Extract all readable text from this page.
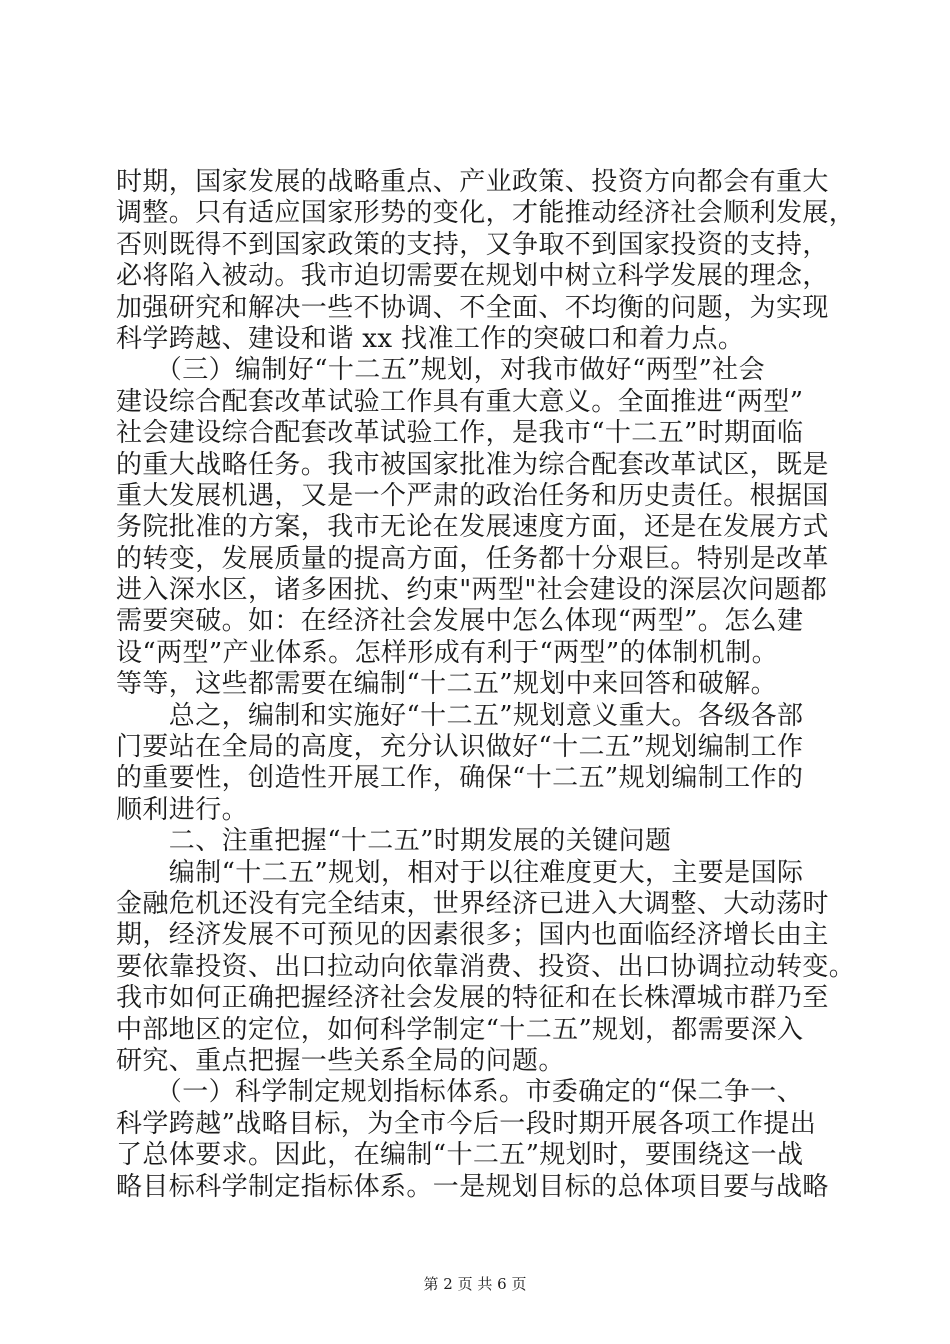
时期，国家发展的战略重点、产业政策、投资方向都会有重大
调整。只有适应国家形势的变化，才能推动经济社会顺利发展，
否则既得不到国家政策的支持，又争取不到国家投资的支持，
必将陷入被动。我市迫切需要在规划中树立科学发展的理念，
加强研究和解决一些不协调、不全面、不均衡的问题，为实现
科学跨越、建设和谐 xx 找准工作的突破口和着力点。
　　（三）编制好“十二五”规划，对我市做好“两型”社会
建设综合配套改革试验工作具有重大意义。全面推进“两型”
社会建设综合配套改革试验工作，是我市“十二五”时期面临
的重大战略任务。我市被国家批准为综合配套改革试区，既是
重大发展机遇，又是一个严肃的政治任务和历史责任。根据国
务院批准的方案，我市无论在发展速度方面，还是在发展方式
的转变，发展质量的提高方面，任务都十分艰巨。特别是改革
进入深水区，诸多困扰、约束"两型"社会建设的深层次问题都
需要突破。如：在经济社会发展中怎么体现“两型”。怎么建
设“两型”产业体系。怎样形成有利于“两型”的体制机制。
等等，这些都需要在编制“十二五”规划中来回答和破解。
　　总之，编制和实施好“十二五”规划意义重大。各级各部
门要站在全局的高度，充分认识做好“十二五”规划编制工作
的重要性，创造性开展工作，确保“十二五”规划编制工作的
顺利进行。
　　二、注重把握“十二五”时期发展的关键问题
　　编制“十二五”规划，相对于以往难度更大，主要是国际
金融危机还没有完全结束，世界经济已进入大调整、大动荡时
期，经济发展不可预见的因素很多；国内也面临经济增长由主
要依靠投资、出口拉动向依靠消费、投资、出口协调拉动转变。
我市如何正确把握经济社会发展的特征和在长株潭城市群乃至
中部地区的定位，如何科学制定“十二五”规划，都需要深入
研究、重点把握一些关系全局的问题。
　　（一）科学制定规划指标体系。市委确定的“保二争一、
科学跨越”战略目标，为全市今后一段时期开展各项工作提出
了总体要求。因此，在编制“十二五”规划时，要围绕这一战
略目标科学制定指标体系。一是规划目标的总体项目要与战略
第 2 页 共 6 页
